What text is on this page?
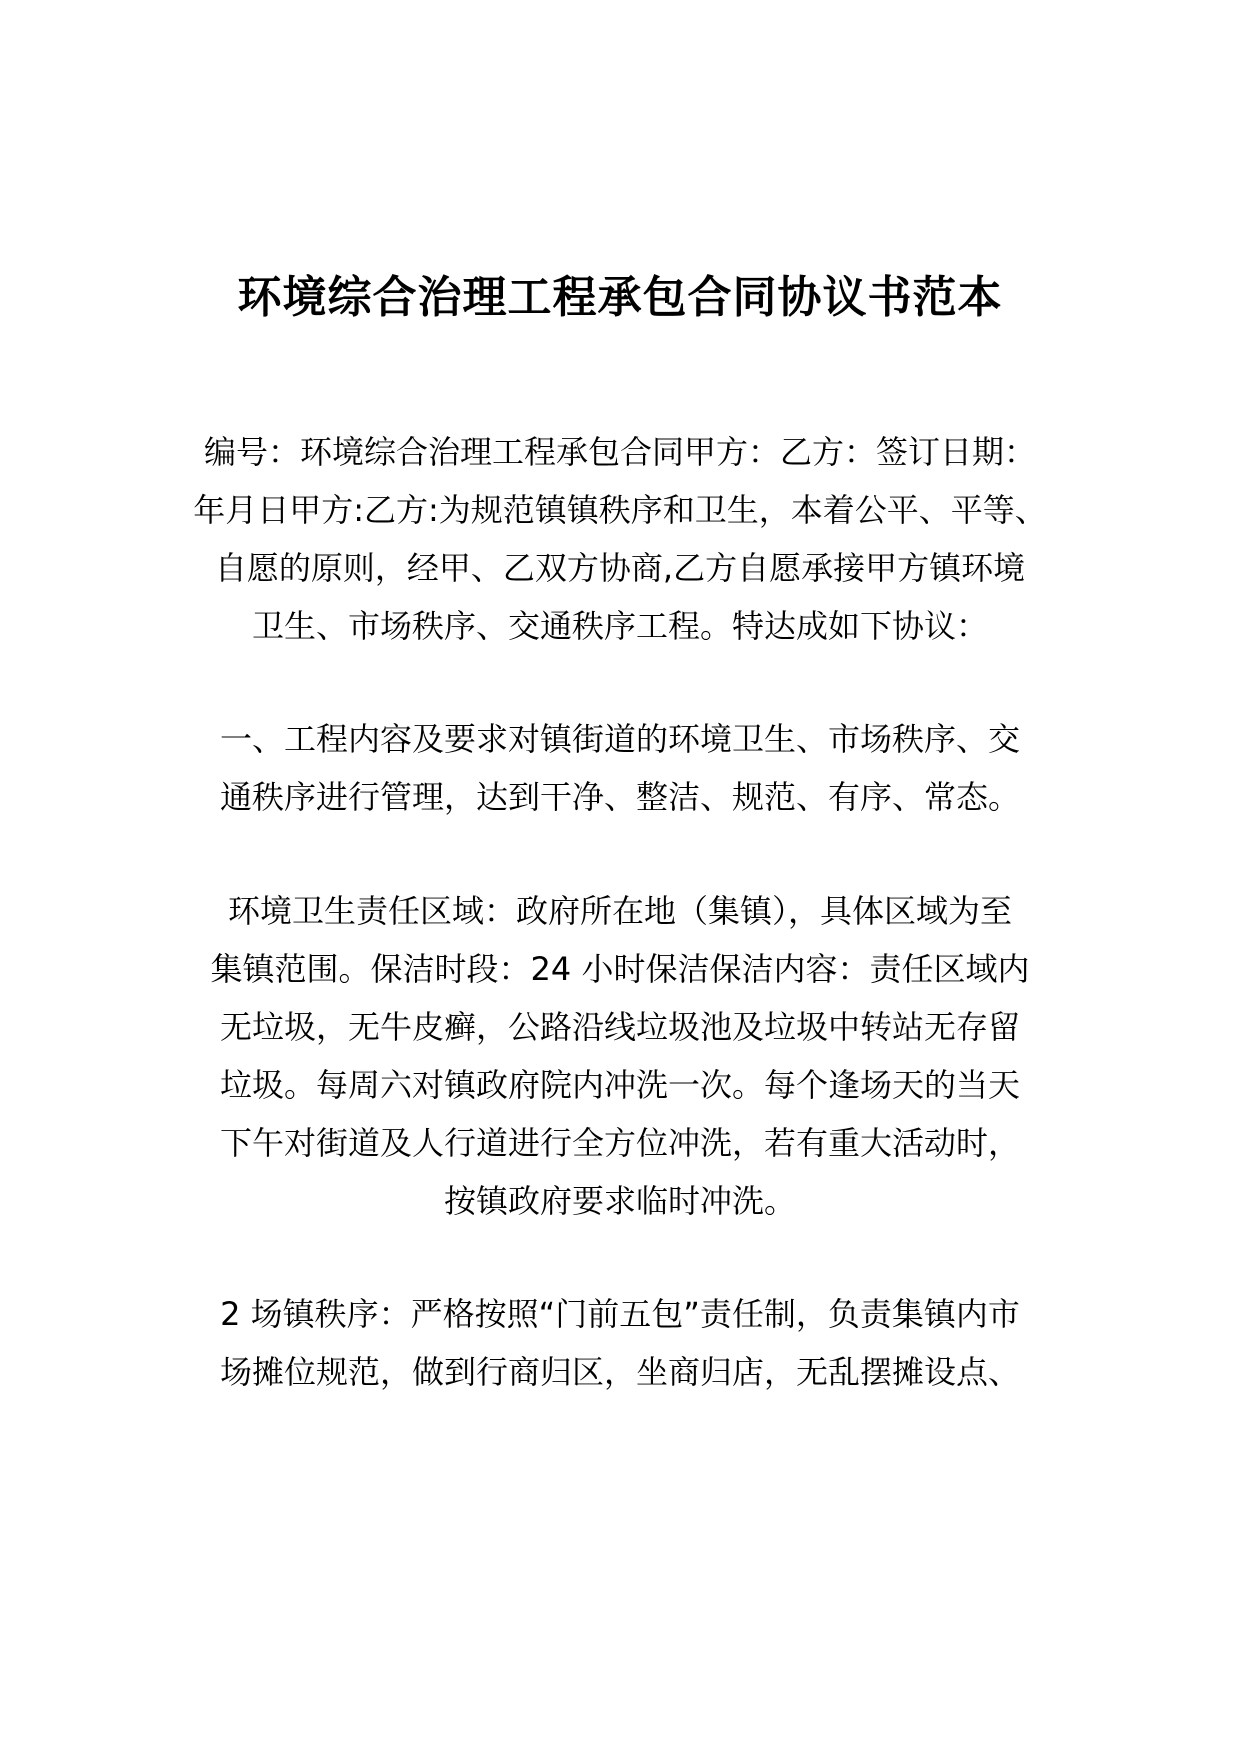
环境综合治理工程承包合同协议书范本

编号：环境综合治理工程承包合同甲方：乙方：签订日期：

年月日甲方:乙方:为规范镇镇秩序和卫生，本着公平、平等、

自愿的原则，经甲、乙双方协商,乙方自愿承接甲方镇环境

卫生、市场秩序、交通秩序工程。特达成如下协议：

一、工程内容及要求对镇街道的环境卫生、市场秩序、交

通秩序进行管理，达到干净、整洁、规范、有序、常态。

环境卫生责任区域：政府所在地（集镇），具体区域为至

集镇范围。保洁时段：24 小时保洁保洁内容：责任区域内

无垃圾，无牛皮癣，公路沿线垃圾池及垃圾中转站无存留

垃圾。每周六对镇政府院内冲洗一次。每个逢场天的当天

下午对街道及人行道进行全方位冲洗，若有重大活动时，

按镇政府要求临时冲洗。

2 场镇秩序：严格按照“门前五包”责任制，负责集镇内市

场摊位规范，做到行商归区，坐商归店，无乱摆摊设点、
